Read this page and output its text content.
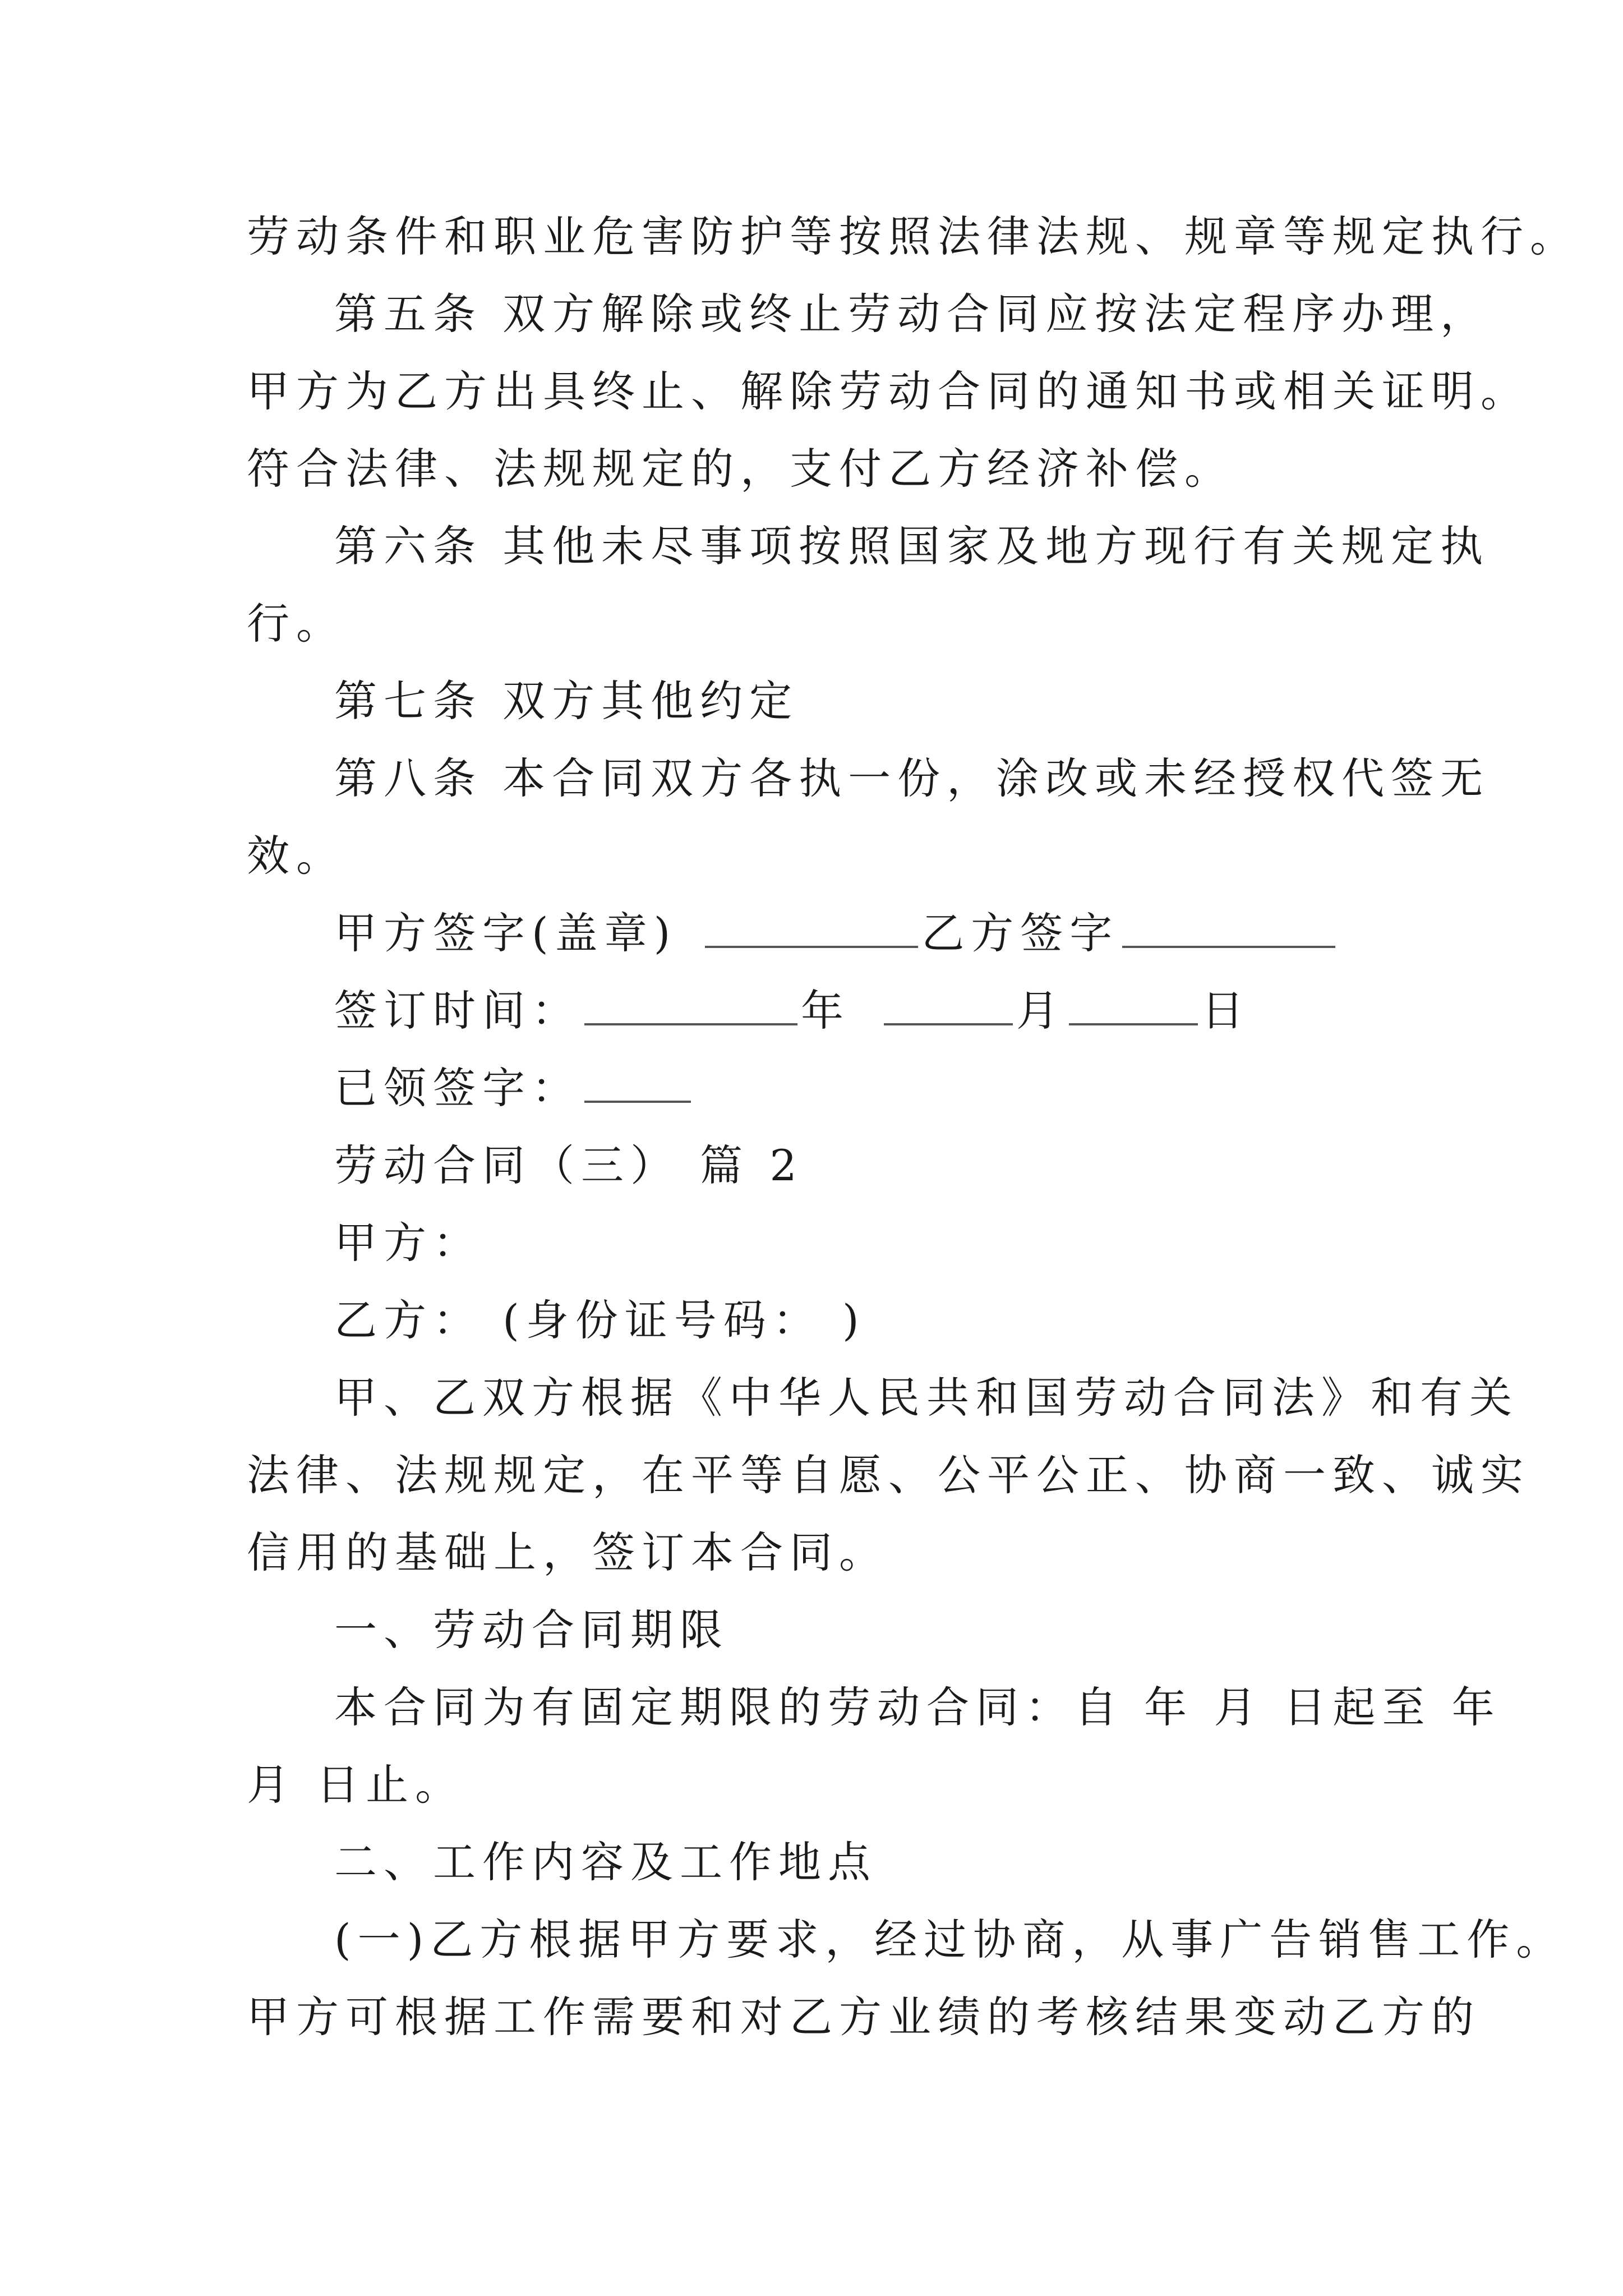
劳动条件和职业危害防护等按照法律法规、规章等规定执行。
第五条 双方解除或终止劳动合同应按法定程序办理，
甲方为乙方出具终止、解除劳动合同的通知书或相关证明。
符合法律、法规规定的，支付乙方经济补偿。
第六条 其他未尽事项按照国家及地方现行有关规定执
行。
第七条 双方其他约定
第八条 本合同双方各执一份，涂改或未经授权代签无
效。
甲方签字(盖章)	乙方签字
签订时间：	年	月	日
已领签字：
劳动合同（三） 篇 2
甲方：
乙方： (身份证号码： )
甲、乙双方根据《中华人民共和国劳动合同法》和有关
法律、法规规定，在平等自愿、公平公正、协商一致、诚实
信用的基础上，签订本合同。
一、劳动合同期限
本合同为有固定期限的劳动合同：自 年 月 日起至 年
月 日止。
二、工作内容及工作地点
(一)乙方根据甲方要求，经过协商，从事广告销售工作。
甲方可根据工作需要和对乙方业绩的考核结果变动乙方的
